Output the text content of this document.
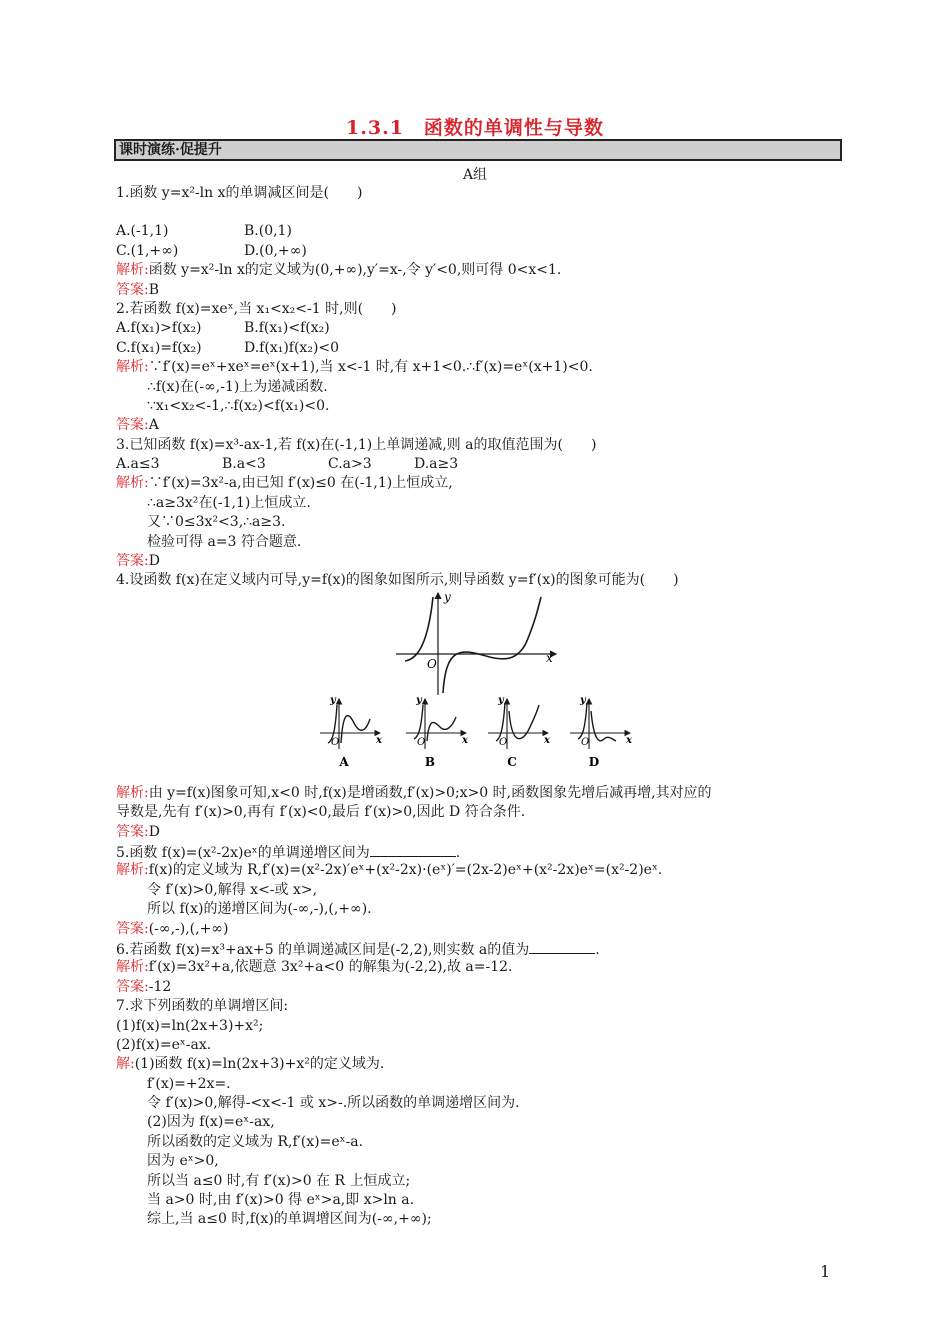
1.3.1　函数的单调性与导数
课时演练·促提升
A组
1.函数 y=x²-ln x的单调减区间是(　　)
A.(-1,1)	B.(0,1)
C.(1,+∞)	D.(0,+∞)
解析:函数 y=x²-ln x的定义域为(0,+∞),y′=x-,令 y′<0,则可得 0<x<1.
答案:B
2.若函数 f(x)=xeˣ,当 x₁<x₂<-1 时,则(　　)
A.f(x₁)>f(x₂)	B.f(x₁)<f(x₂)
C.f(x₁)=f(x₂)	D.f(x₁)f(x₂)<0
解析:∵f′(x)=eˣ+xeˣ=eˣ(x+1),当 x<-1 时,有 x+1<0.∴f′(x)=eˣ(x+1)<0.
∴f(x)在(-∞,-1)上为递减函数.
∵x₁<x₂<-1,∴f(x₂)<f(x₁)<0.
答案:A
3.已知函数 f(x)=x³-ax-1,若 f(x)在(-1,1)上单调递减,则 a的取值范围为(　　)
A.a≤3	B.a<3	C.a>3	D.a≥3
解析:∵f′(x)=3x²-a,由已知 f′(x)≤0 在(-1,1)上恒成立,
∴a≥3x²在(-1,1)上恒成立.
又∵0≤3x²<3,∴a≥3.
检验可得 a=3 符合题意.
答案:D
4.设函数 f(x)在定义域内可导,y=f(x)的图象如图所示,则导函数 y=f′(x)的图象可能为(　　)
y
x
O
y
x
O
A
y
x
O
B
y
x
O
C
y
x
O
D
解析:由 y=f(x)图象可知,x<0 时,f(x)是增函数,f′(x)>0;x>0 时,函数图象先增后减再增,其对应的
导数是,先有 f′(x)>0,再有 f′(x)<0,最后 f′(x)>0,因此 D 符合条件.
答案:D
5.函数 f(x)=(x²-2x)eˣ的单调递增区间为	.
解析:f(x)的定义域为 R,f′(x)=(x²-2x)′eˣ+(x²-2x)·(eˣ)′=(2x-2)eˣ+(x²-2x)eˣ=(x²-2)eˣ.
令 f′(x)>0,解得 x<-或 x>,
所以 f(x)的递增区间为(-∞,-),(,+∞).
答案:(-∞,-),(,+∞)
6.若函数 f(x)=x³+ax+5 的单调递减区间是(-2,2),则实数 a的值为	.
解析:f′(x)=3x²+a,依题意 3x²+a<0 的解集为(-2,2),故 a=-12.
答案:-12
7.求下列函数的单调增区间:
(1)f(x)=ln(2x+3)+x²;
(2)f(x)=eˣ-ax.
解:(1)函数 f(x)=ln(2x+3)+x²的定义域为.
f′(x)=+2x=.
令 f′(x)>0,解得-<x<-1 或 x>-.所以函数的单调递增区间为.
(2)因为 f(x)=eˣ-ax,
所以函数的定义域为 R,f′(x)=eˣ-a.
因为 eˣ>0,
所以当 a≤0 时,有 f′(x)>0 在 R 上恒成立;
当 a>0 时,由 f′(x)>0 得 eˣ>a,即 x>ln a.
综上,当 a≤0 时,f(x)的单调增区间为(-∞,+∞);
1
